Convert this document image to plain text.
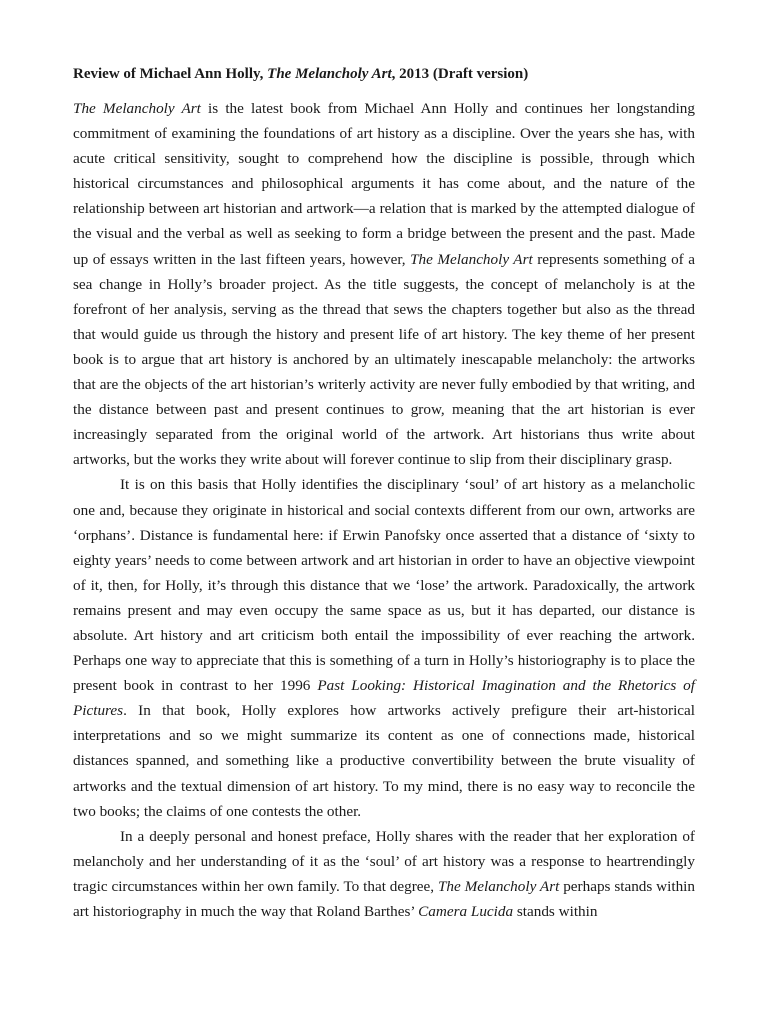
Review of Michael Ann Holly, The Melancholy Art, 2013 (Draft version)

The Melancholy Art is the latest book from Michael Ann Holly and continues her longstanding commitment of examining the foundations of art history as a discipline. Over the years she has, with acute critical sensitivity, sought to comprehend how the discipline is possible, through which historical circumstances and philosophical arguments it has come about, and the nature of the relationship between art historian and artwork—a relation that is marked by the attempted dialogue of the visual and the verbal as well as seeking to form a bridge between the present and the past. Made up of essays written in the last fifteen years, however, The Melancholy Art represents something of a sea change in Holly’s broader project. As the title suggests, the concept of melancholy is at the forefront of her analysis, serving as the thread that sews the chapters together but also as the thread that would guide us through the history and present life of art history. The key theme of her present book is to argue that art history is anchored by an ultimately inescapable melancholy: the artworks that are the objects of the art historian’s writerly activity are never fully embodied by that writing, and the distance between past and present continues to grow, meaning that the art historian is ever increasingly separated from the original world of the artwork. Art historians thus write about artworks, but the works they write about will forever continue to slip from their disciplinary grasp.

It is on this basis that Holly identifies the disciplinary ‘soul’ of art history as a melancholic one and, because they originate in historical and social contexts different from our own, artworks are ‘orphans’. Distance is fundamental here: if Erwin Panofsky once asserted that a distance of ‘sixty to eighty years’ needs to come between artwork and art historian in order to have an objective viewpoint of it, then, for Holly, it’s through this distance that we ‘lose’ the artwork. Paradoxically, the artwork remains present and may even occupy the same space as us, but it has departed, our distance is absolute. Art history and art criticism both entail the impossibility of ever reaching the artwork. Perhaps one way to appreciate that this is something of a turn in Holly’s historiography is to place the present book in contrast to her 1996 Past Looking: Historical Imagination and the Rhetorics of Pictures. In that book, Holly explores how artworks actively prefigure their art-historical interpretations and so we might summarize its content as one of connections made, historical distances spanned, and something like a productive convertibility between the brute visuality of artworks and the textual dimension of art history. To my mind, there is no easy way to reconcile the two books; the claims of one contests the other.

In a deeply personal and honest preface, Holly shares with the reader that her exploration of melancholy and her understanding of it as the ‘soul’ of art history was a response to heartrendingly tragic circumstances within her own family. To that degree, The Melancholy Art perhaps stands within art historiography in much the way that Roland Barthes’ Camera Lucida stands within
